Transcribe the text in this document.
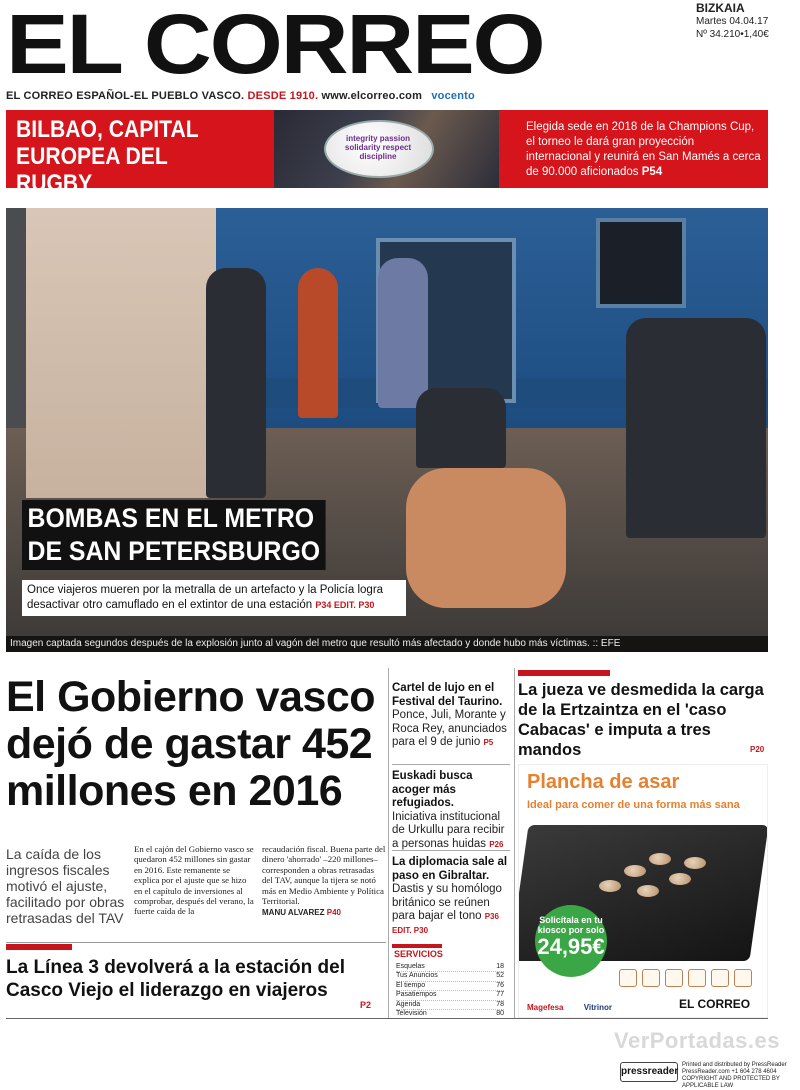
EL CORREO	BIZKAIA
Martes 04.04.17
Nº 34.210•1,40€
EL CORREO ESPAÑOL-EL PUEBLO VASCO. DESDE 1910. www.elcorreo.com vocento
BILBAO, CAPITAL EUROPEA DEL RUGBY
integrity passion solidarity respect discipline
Elegida sede en 2018 de la Champions Cup, el torneo le dará gran proyección internacional y reunirá en San Mamés a cerca de 90.000 aficionados P54
BOMBAS EN EL METRO
DE SAN PETERSBURGO
Once viajeros mueren por la metralla de un artefacto y la Policía logra desactivar otro camuflado en el extintor de una estación P34 EDIT. P30
Imagen captada segundos después de la explosión junto al vagón del metro que resultó más afectado y donde hubo más víctimas. :: EFE
El Gobierno vasco dejó de gastar 452 millones en 2016
La caída de los ingresos fiscales motivó el ajuste, facilitado por obras retrasadas del TAV
En el cajón del Gobierno vasco se quedaron 452 millones sin gastar en 2016. Este remanente se explica por el ajuste que se hizo en el capítulo de inversiones al comprobar, después del verano, la fuerte caída de la
recaudación fiscal. Buena parte del dinero 'ahorrado' –220 millones– corresponden a obras retrasadas del TAV, aunque la tijera se notó más en Medio Ambiente y Política Territorial.
MANU ALVAREZ P40
La Línea 3 devolverá a la estación del Casco Viejo el liderazgo en viajeros
P2
Cartel de lujo en el Festival del Taurino.
Ponce, Juli, Morante y Roca Rey, anunciados para el 9 de junio P5
Euskadi busca acoger más refugiados.
Iniciativa institucional de Urkullu para recibir a personas huidas P26
La diplomacia sale al paso en Gibraltar.
Dastis y su homólogo británico se reúnen para bajar el tono P36 EDIT. P30
SERVICIOS
Esquelas	18
Tus Anuncios	52
El tiempo	76
Pasatiempos	77
Agenda	78
Televisión	80
La jueza ve desmedida la carga de la Ertzaintza en el 'caso Cabacas' e imputa a tres mandos	P20
Plancha de asar
Ideal para comer de una forma más sana
Solicítala en tu kiosco por solo
24,95€
Magefesa	Vitrinor	EL CORREO
VerPortadas.es
pressreader
Printed and distributed by PressReader PressReader.com +1 604 278 4604 COPYRIGHT AND PROTECTED BY APPLICABLE LAW
